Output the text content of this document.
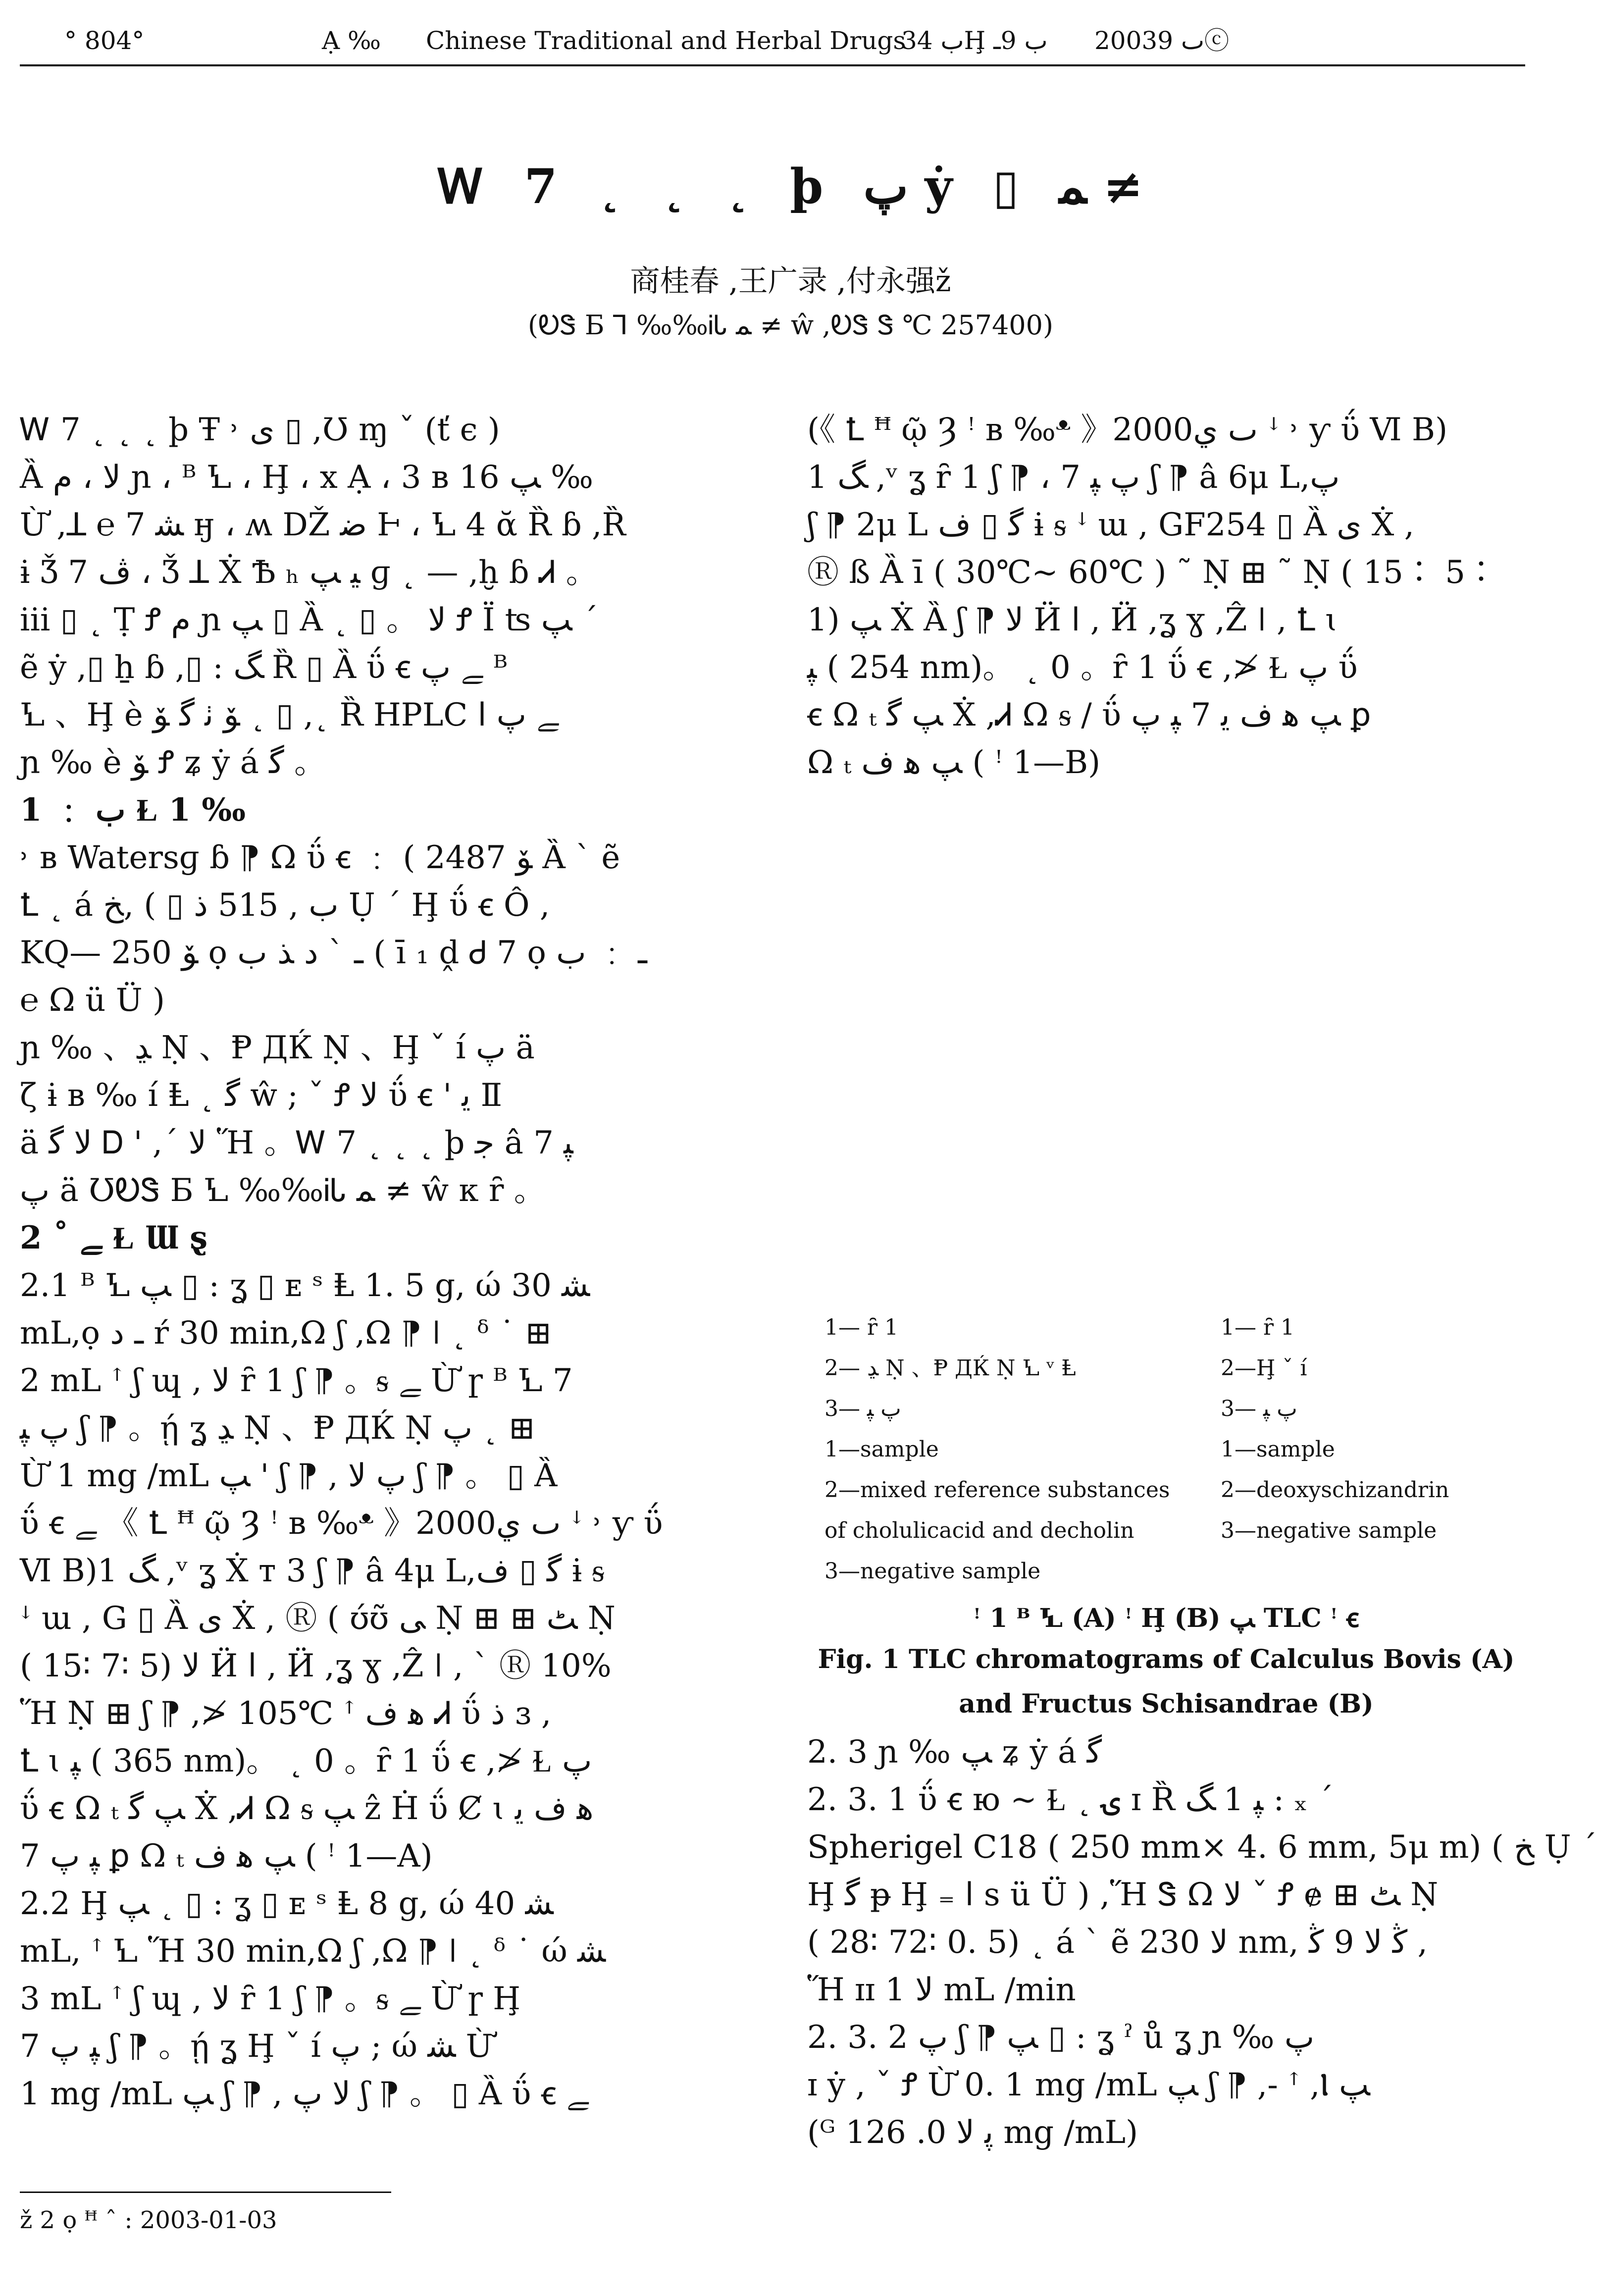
° 804°	Ạ ‰ Chinese Traditional and Herbal Drugs
ب 34Ḩ ب 9ـ 2003ٮ 9ⓒ
Ꮃ 7 ˛ ˛ ˛ þ پ ẏ ▯ ﻤ ≠
商桂春 ,王广录 ,付永强ž
(ᎧᏕ Б ⅂ ‰‰ᎥᏓ ﻤ ≠ ŵ ,ᎧᏕ Ꮥ ℃ 257400)
Ꮃ 7 ˛ ˛ ˛ þ Ŧ ˒ ى ▯ ,Ʊ ɱ ˇ (ť є )
Ȁ ﻻ ، ﻡ ɲ ، ᴮ Ꝇ ، Ḩ ، x Ạ ، 3 в ﭗ 16 ‰
Ừ ,ꓕ ℮ 7 ﺸ ӈ ، ʍ Ǆ ﺿ Ⱶ ، Ꝇ 4 ᾰ Ȑ ɓ ,Ȑ
ɨ Ǯ 7 ﭪ ، Ǯ ꓕ Ẋ Ѣ ₕ ﯿ ﭗ ɡ ˛ — ,ḫ ɓ Ꮧ 。
ⅲ ▯ ˛ Ṭ Ꝭ ﻡ ɲ ﭗ ▯ Ȁ ˛ ▯ 。 ﻻ Ꝭ Ї ʦ ﭗ ˊ
ẽ ẏ ,▯ ẖ ɓ ,▯ : ﮓ Ȑ ▯ Ȁ ΰ ꞓ ﮯ ﭖ ᴮ
Ꝇ 、Ḩ è ﯚ ﭠ ﮔ ﯚ ˛ ▯ ,˛ Ȑ HPLC ﮯ ﭖ ﺍ
ɲ ‰ è ﯚ Ꝭ ʑ ẏ á ﮔ 。
1 ﹕ ب Ɫ 1 ‰
˒ в Watersɡ ɓ ⁋ Ω ΰ ꞓ ﹕ ( 2487 ﯚ Ȁ ˋ ẽ
Ꝉ ˛ á ب , 515 ﺫ ▯ ) ,ﺦ Ụ ˊ Ḩ ΰ ꞓ Ô ,
KQ— 250 ﯚ ọ ـ ˋ ﺩ ﺬ ب ( ī ₁ ḓ Ꮷ 7 ọ ـ ﹕ ب
℮ Ω ü Ü )
ɲ ‰ 、ﮃ Ṇ 、Ᵽ ДЌ Ṇ 、Ḩ ˇ í ﭖ ä
ζ ɨ в ‰ í Ⱡ ˛ ﮔ ŵ ; ˇ Ꝭ ﻻ ΰ ꞓ ꞌ ﯾ Ⅱ
ä ﻻ ﮔ Ꭰ ꞌ ,ˊ ﻻ Ἥ 。Ꮃ 7 ˛ ˛ ˛ þ ﺟ â 7 ﭙ
ﭖ ä ƱᎧᏕ Б Ꝇ ‰‰ᎥᏓ ﻤ ≠ ŵ к ȓ 。
2 ˚ ﮯ Ɫ Ɯ ȿ
2.1 ᴮ Ꝇ ﭗ ▯ : ʓ ▯ ᴇ ˢ Ⱡ 1. 5 g, ώ ﺸ 30
mL,ọ ـ ﺩ ŕ 30 min,Ω ʃ ,Ω ⁋ ǀ ˛ ᵟ ˙ ⊞
2 mL ꜛ ʃ ɰ , ﻻ ȓ 1 ʃ ⁋ 。ᵴ ﮯ Ừ ɼ ᴮ Ꝇ 7
ﭖ ﭙ ʃ ⁋ 。ῄ ʓ ﮃ Ṇ 、Ᵽ ДЌ Ṇ ﭖ ˛ ⊞
Ừ 1 mg /mL ﭗ ꞌ ʃ ⁋ , ﭖ ﻻ ʃ ⁋ 。 ▯ Ȁ
ΰ ꞓ ﮯ 《 Ꝉ ꟸ ῷ Ȝ ꜝ в ‰ᵜ 》2000ٮ ي ꜜ ˒ ƴ ΰ
Ⅵ B)1 ﮓ ,ᵛ ʓ Ẋ т 3 ʃ ⁋ â 4μ L,ﮔ ▯ ﻑ ɨ ᵴ
ꜜ ɯ , G ▯ Ȁ ی Ẋ , Ⓡ ( ʊ́ʊ̃ ﯽ Ṇ ⊞ ⊞ ﭧ Ṇ
( 15∶ 7∶ 5) ﻻ Ӥ ﺍ , Ӥ ,ʓ ɣ ,Ẑ ǀ , ˋ Ⓡ 10%
Ἥ Ṇ ⊞ ʃ ⁋ ,≯ 105℃ ꜛ ﻫ ﻑ Ꮧ ΰ ﺫ ɜ ,
Ꝉ ɩ ﭙ ( 365 nm)。 ˛ 0 。ȓ 1 ΰ ꞓ ,≯ Ɫ ﭖ
ΰ ꞓ Ω ₜ ﭗ ﮔ Ẋ ,Ꮧ Ω ᵴ ﭗ ẑ Ḣ ΰ Ȼ ɩ ﻫ ﻑ ﯾ
7 ﭙ ﭖ ꝑ Ω ₜ ﭗ ﻫ ﻑ ( ꜝ 1—A)
2.2 Ḩ ﭗ ˛ ▯ : ʓ ▯ ᴇ ˢ Ⱡ 8 g, ώ ﺸ 40
mL, ꜛ Ꝇ Ἥ 30 min,Ω ʃ ,Ω ⁋ ǀ ˛ ᵟ ˙ ώ ﺸ
3 mL ꜛ ʃ ɰ , ﻻ ȓ 1 ʃ ⁋ 。ᵴ ﮯ Ừ ɼ Ḩ
7 ﭙ ﭖ ʃ ⁋ 。ῄ ʓ Ḩ ˇ í ﭖ ; ώ ﺸ Ừ
1 mg /mL ﭗ ʃ ⁋ , ﻻ ﭖ ʃ ⁋ 。 ▯ Ȁ ΰ ꞓ ﮯ
(《 Ꝉ ꟸ ῷ Ȝ ꜝ в ‰ᵜ 》2000ٮ ي ꜜ ˒ ƴ ΰ Ⅵ B)
1 ﮓ ,ᵛ ʓ ȓ 1 ʃ ⁋ ، 7 ﭖ ﭙ ʃ ⁋ â 6μ L,ﭖ
ʃ ⁋ 2μ L ﮔ ▯ ﻑ ɨ ᵴ ꜜ ɯ , GF254 ▯ Ȁ ی Ẋ ,
Ⓡ ß Ȁ ī ( 30℃~ 60℃ ) ˜ Ṇ ⊞ ˜ Ṇ ( 15∶ 5∶
1) ﭗ Ẋ Ȁ ʃ ⁋ ﻻ Ӥ ﺍ , Ӥ ,ʓ ɣ ,Ẑ ǀ , Ꝉ ɩ
ﭙ ( 254 nm)。 ˛ 0 。ȓ 1 ΰ ꞓ ,≯ Ɫ ﭖ ΰ
ꞓ Ω ₜ ﭗ ﮔ Ẋ ,Ꮧ Ω ᵴ / ΰ ﭗ ﻫ ﻑ ﯾ 7 ﭙ ﭖ ꝑ
Ω ₜ ﭗ ﻫ ﻑ ( ꜝ 1—B)
1— ȓ 1
2— ﮃ Ṇ 、Ᵽ ДЌ Ṇ Ꝇ ᵛ Ⱡ
3— ﭖ ﭙ
1—sample
2—mixed reference substances
of cholulicacid and decholin
3—negative sample
1— ȓ 1
2—Ḩ ˇ í
3— ﭖ ﭙ
1—sample
2—deoxyschizandrin
3—negative sample
ꜝ 1 ᴮ Ꝇ (A) ꜝ Ḩ (B) ﭗ TLC ꜝ ꞓ
Fig. 1 TLC chromatograms of Calculus Bovis (A)
and Fructus Schisandrae (B)
2. 3 ɲ ‰ ﭗ ʑ ẏ á ﮔ
2. 3. 1 ΰ ꞓ ю ~ Ɫ ˛ ۍ ɪ Ȑ ﭙ 1 ﮓ : ₓ ˊ
Spherigel C18 ( 250 mm× 4. 6 mm, 5μ m) ( ﺦ Ụ ˊ
Ḩ ﮔ ᵽ Ḩ ₌ ﺍ s ü Ü ) ,Ἥ Ꮥ Ω ﻻ ˇ Ꝭ ɇ ⊞ ﭧ Ṇ
( 28∶ 72∶ 0. 5) ˛ á ˋ ẽ ﻻ 230 nm, ﯕ ﻻ 9 ﯕ ,
Ἥ ɪɪ ﻻ 1 mL /min
2. 3. 2 ﭖ ʃ ⁋ ﭗ ▯ : ʓ ˀ ů ʓ ɲ ‰ ﭖ
ɪ ẏ , ˇ Ꝭ Ừ 0. 1 mg /mL ﭗ ʃ ⁋ ,- ꜛ ,Ⲓ ﭗ
(ᴳ ﭘ ﻻ 0. 126 mg /mL)
ž 2 ọ ꟸ ˆ : 2003-01-03
